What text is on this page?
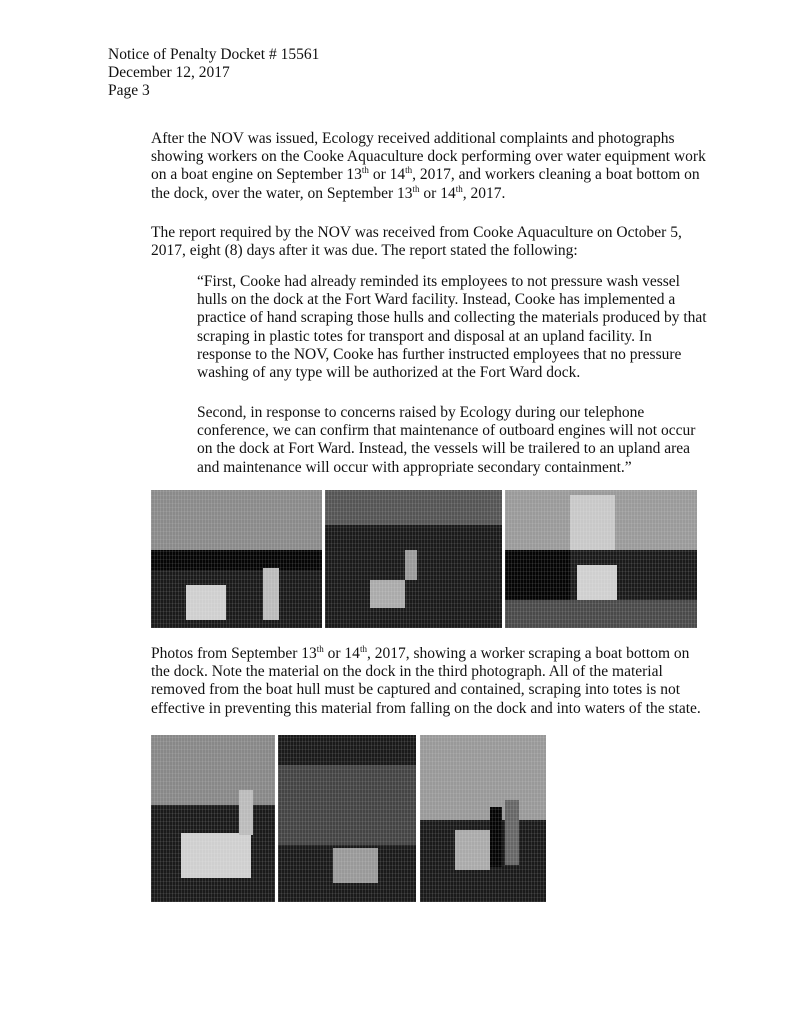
Notice of Penalty Docket # 15561
December 12, 2017
Page 3
After the NOV was issued, Ecology received additional complaints and photographs
showing workers on the Cooke Aquaculture dock performing over water equipment work
on a boat engine on September 13th or 14th, 2017, and workers cleaning a boat bottom on
the dock, over the water, on September 13th or 14th, 2017.
The report required by the NOV was received from Cooke Aquaculture on October 5,
2017, eight (8) days after it was due. The report stated the following:
“First, Cooke had already reminded its employees to not pressure wash vessel
hulls on the dock at the Fort Ward facility. Instead, Cooke has implemented a
practice of hand scraping those hulls and collecting the materials produced by that
scraping in plastic totes for transport and disposal at an upland facility. In
response to the NOV, Cooke has further instructed employees that no pressure
washing of any type will be authorized at the Fort Ward dock.
Second, in response to concerns raised by Ecology during our telephone
conference, we can confirm that maintenance of outboard engines will not occur
on the dock at Fort Ward. Instead, the vessels will be trailered to an upland area
and maintenance will occur with appropriate secondary containment.”
Photos from September 13th or 14th, 2017, showing a worker scraping a boat bottom on
the dock. Note the material on the dock in the third photograph. All of the material
removed from the boat hull must be captured and contained, scraping into totes is not
effective in preventing this material from falling on the dock and into waters of the state.
